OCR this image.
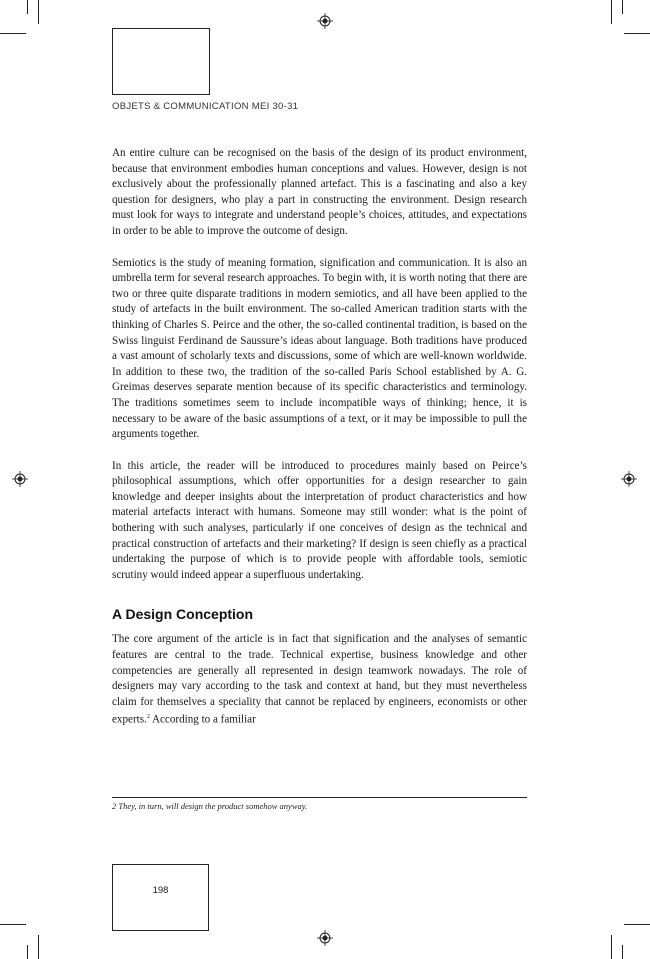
OBJETS & COMMUNICATION MEI 30-31

An entire culture can be recognised on the basis of the design of its product environment, because that environment embodies human conceptions and values. However, design is not exclusively about the professionally planned artefact. This is a fascinating and also a key question for designers, who play a part in constructing the environment. Design research must look for ways to integrate and understand people’s choices, attitudes, and expectations in order to be able to improve the outcome of design.

Semiotics is the study of meaning formation, signification and communication. It is also an umbrella term for several research approaches. To begin with, it is worth noting that there are two or three quite disparate traditions in modern semiotics, and all have been applied to the study of artefacts in the built environment. The so-called American tradition starts with the thinking of Charles S. Peirce and the other, the so-called continental tradition, is based on the Swiss linguist Ferdinand de Saussure’s ideas about language. Both traditions have produced a vast amount of scholarly texts and discussions, some of which are well-known worldwide. In addition to these two, the tradition of the so-called Paris School established by A. G. Greimas deserves separate mention because of its specific characteristics and terminology. The traditions sometimes seem to include incompatible ways of thinking; hence, it is necessary to be aware of the basic assumptions of a text, or it may be impossible to pull the arguments together.

In this article, the reader will be introduced to procedures mainly based on Peirce’s philosophical assumptions, which offer opportunities for a design researcher to gain knowledge and deeper insights about the interpretation of product characteristics and how material artefacts interact with humans. Someone may still wonder: what is the point of bothering with such analyses, particularly if one conceives of design as the technical and practical construction of artefacts and their marketing? If design is seen chiefly as a practical undertaking the purpose of which is to provide people with affordable tools, semiotic scrutiny would indeed appear a superfluous undertaking.

A Design Conception

The core argument of the article is in fact that signification and the analyses of semantic features are central to the trade. Technical expertise, business knowledge and other competencies are generally all represented in design teamwork nowadays. The role of designers may vary according to the task and context at hand, but they must nevertheless claim for themselves a speciality that cannot be replaced by engineers, economists or other experts.$^2$ According to a familiar

2 They, in turn, will design the product somehow anyway.
198
